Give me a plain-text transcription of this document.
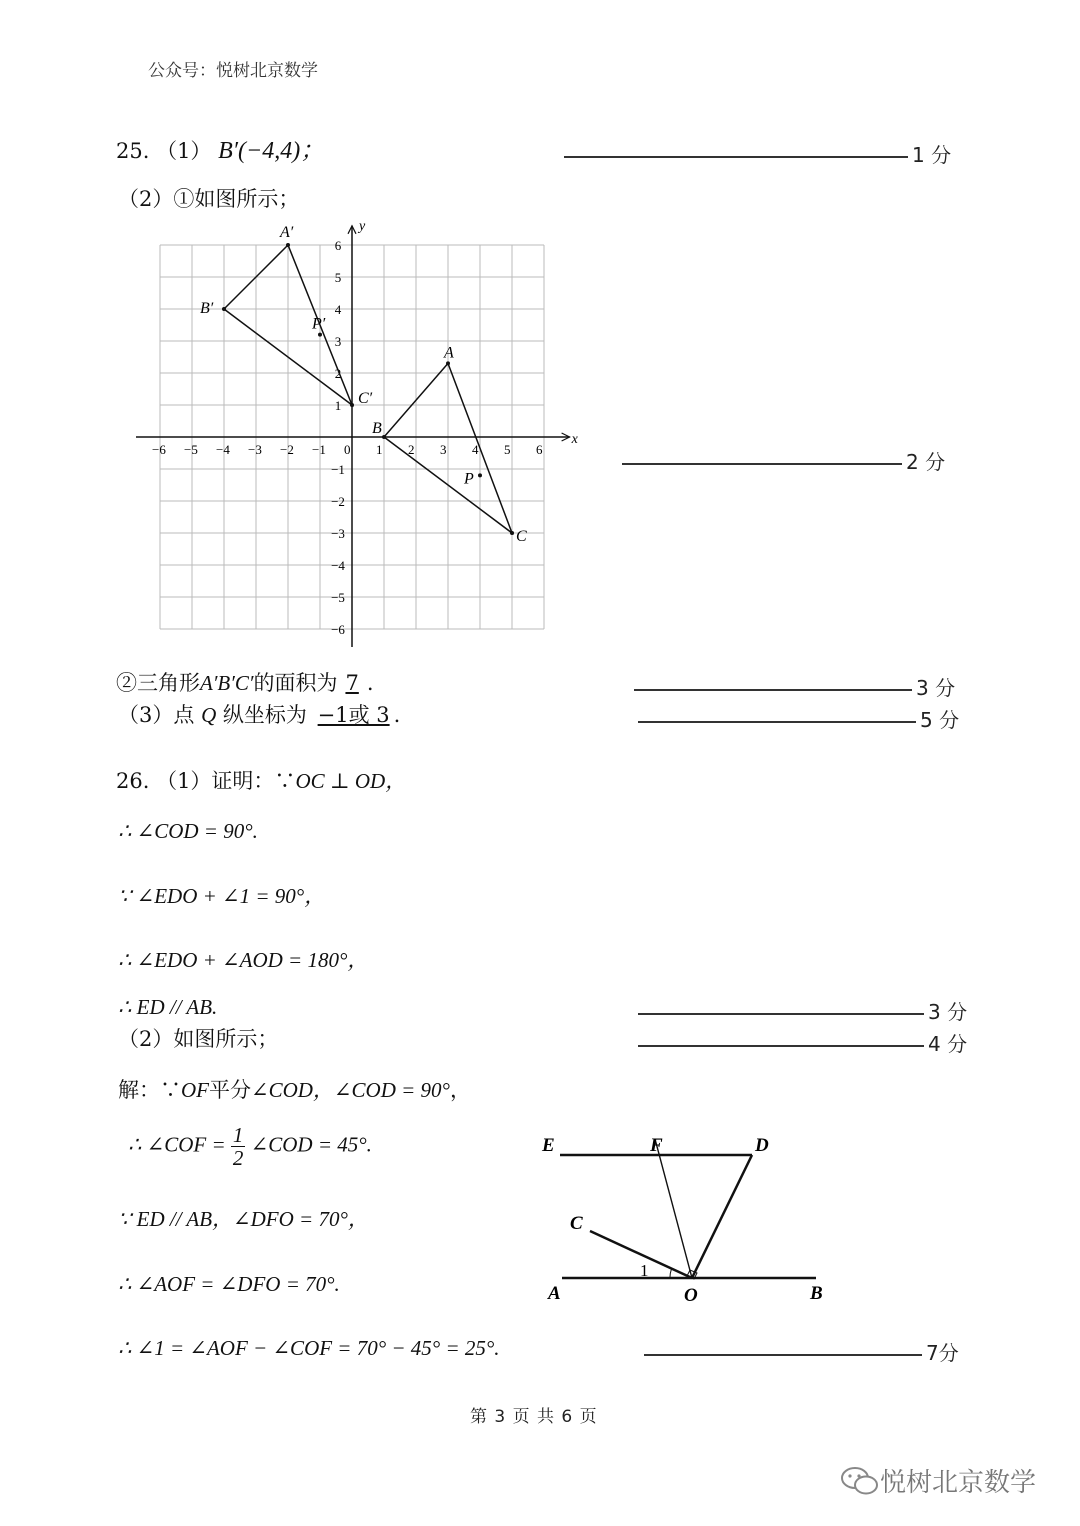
公众号：悦树北京数学
25. （1） B′(−4,4)；	1 分
（2）①如图所示；
x
y
−6 −5 −4 −3 −2 −1 0 1 2 3 4 5 6
6
5
4
3
2
1
−1
−2
−3
−4
−5
−6
A′
B′
C′
P′
A
B
C
P
2 分
②三角形A′B′C′的面积为 7 .	3 分
（3）点 Q 纵坐标为 −1或 3 .	5 分
26. （1）证明：∵OC ⊥ OD，
∴ ∠COD = 90°.
∵ ∠EDO + ∠1 = 90°，
∴ ∠EDO + ∠AOD = 180°，
∴ ED // AB.	3 分
（2）如图所示；	4 分
解：∵OF平分∠COD，∠COD = 90°，
∴ ∠COF = $\frac{1}{2}$ ∠COD = 45°.
∵ ED // AB，∠DFO = 70°，
∴ ∠AOF = ∠DFO = 70°.
∴ ∠1 = ∠AOF − ∠COF = 70° − 45° = 25°.	7分
E	F	D
C
A	O	B
1
第 3 页 共 6 页
悦树北京数学
